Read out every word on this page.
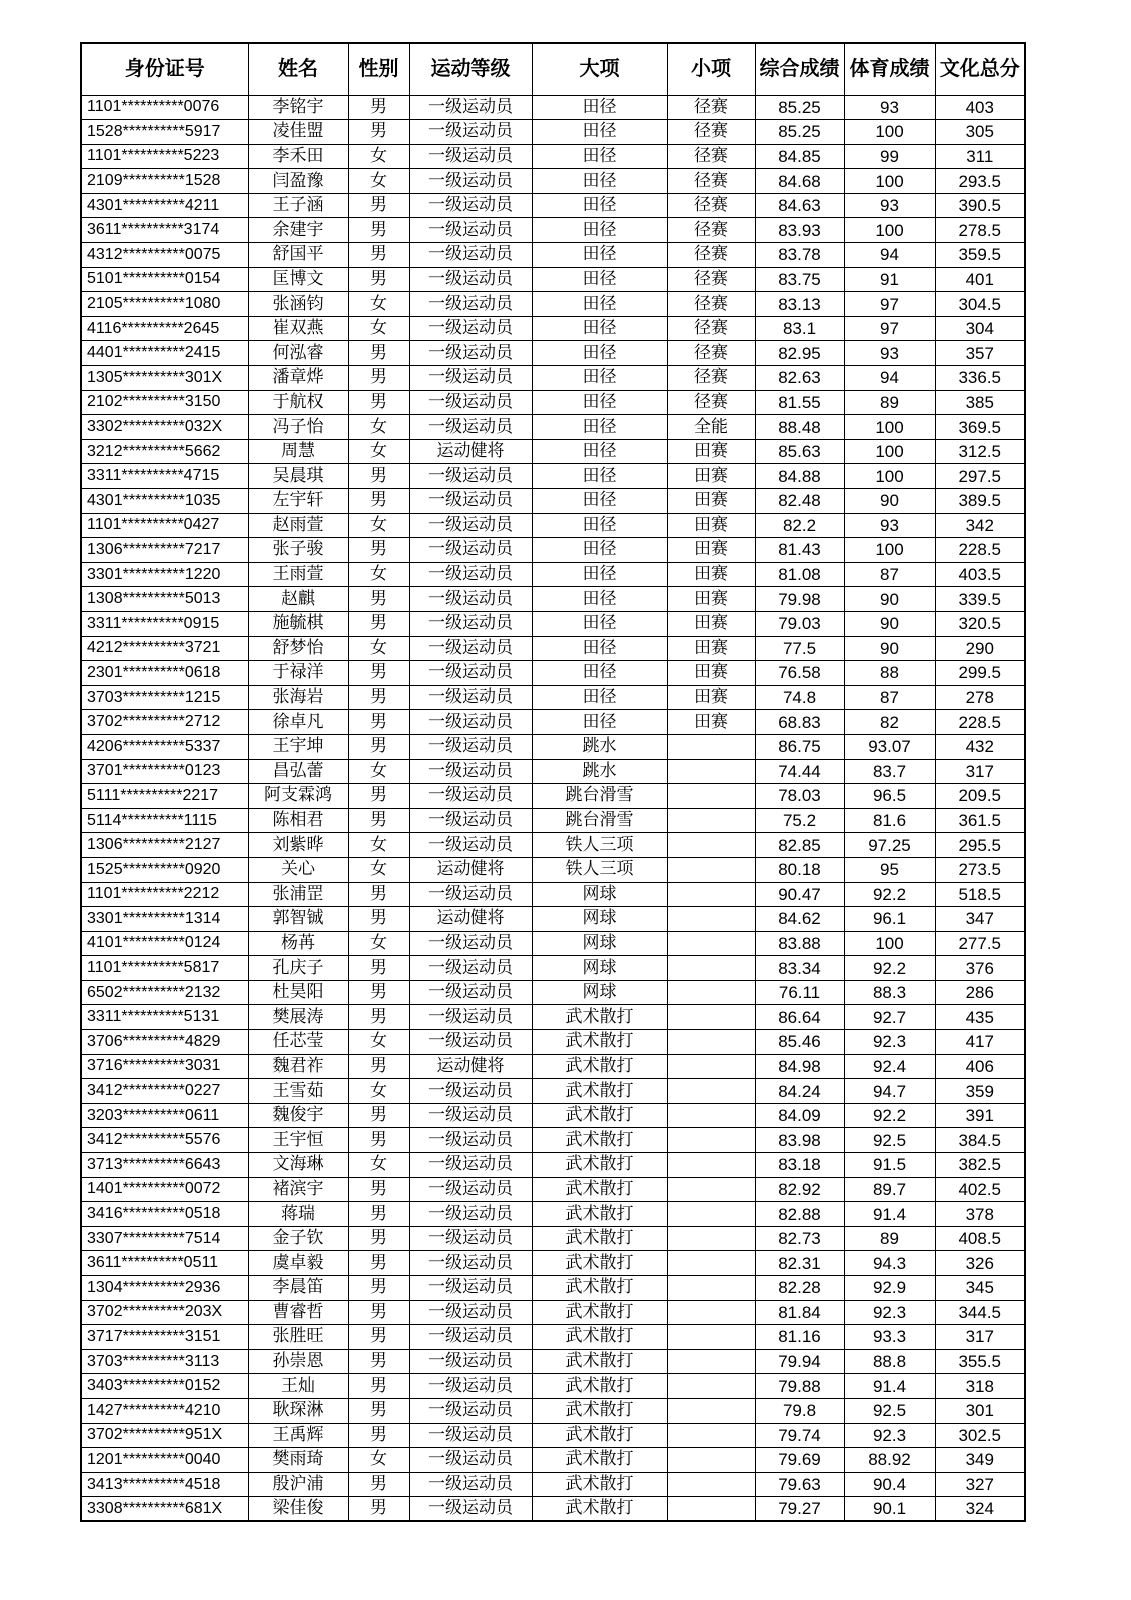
身份证号	姓名	性别	运动等级	大项	小项	综合成绩	体育成绩	文化总分
1101**********0076	李铭宇	男	一级运动员	田径	径赛	85.25	93	403
1528**********5917	凌佳盟	男	一级运动员	田径	径赛	85.25	100	305
1101**********5223	李禾田	女	一级运动员	田径	径赛	84.85	99	311
2109**********1528	闫盈豫	女	一级运动员	田径	径赛	84.68	100	293.5
4301**********4211	王子涵	男	一级运动员	田径	径赛	84.63	93	390.5
3611**********3174	余建宇	男	一级运动员	田径	径赛	83.93	100	278.5
4312**********0075	舒国平	男	一级运动员	田径	径赛	83.78	94	359.5
5101**********0154	匡博文	男	一级运动员	田径	径赛	83.75	91	401
2105**********1080	张涵钧	女	一级运动员	田径	径赛	83.13	97	304.5
4116**********2645	崔双燕	女	一级运动员	田径	径赛	83.1	97	304
4401**********2415	何泓睿	男	一级运动员	田径	径赛	82.95	93	357
1305**********301X	潘章烨	男	一级运动员	田径	径赛	82.63	94	336.5
2102**********3150	于航权	男	一级运动员	田径	径赛	81.55	89	385
3302**********032X	冯子怡	女	一级运动员	田径	全能	88.48	100	369.5
3212**********5662	周慧	女	运动健将	田径	田赛	85.63	100	312.5
3311**********4715	吴晨琪	男	一级运动员	田径	田赛	84.88	100	297.5
4301**********1035	左宇轩	男	一级运动员	田径	田赛	82.48	90	389.5
1101**********0427	赵雨萱	女	一级运动员	田径	田赛	82.2	93	342
1306**********7217	张子骏	男	一级运动员	田径	田赛	81.43	100	228.5
3301**********1220	王雨萱	女	一级运动员	田径	田赛	81.08	87	403.5
1308**********5013	赵麒	男	一级运动员	田径	田赛	79.98	90	339.5
3311**********0915	施毓棋	男	一级运动员	田径	田赛	79.03	90	320.5
4212**********3721	舒梦怡	女	一级运动员	田径	田赛	77.5	90	290
2301**********0618	于禄洋	男	一级运动员	田径	田赛	76.58	88	299.5
3703**********1215	张海岩	男	一级运动员	田径	田赛	74.8	87	278
3702**********2712	徐卓凡	男	一级运动员	田径	田赛	68.83	82	228.5
4206**********5337	王宇坤	男	一级运动员	跳水		86.75	93.07	432
3701**********0123	昌弘蕾	女	一级运动员	跳水		74.44	83.7	317
5111**********2217	阿支霖鸿	男	一级运动员	跳台滑雪		78.03	96.5	209.5
5114**********1115	陈相君	男	一级运动员	跳台滑雪		75.2	81.6	361.5
1306**********2127	刘紫晔	女	一级运动员	铁人三项		82.85	97.25	295.5
1525**********0920	关心	女	运动健将	铁人三项		80.18	95	273.5
1101**********2212	张浦罡	男	一级运动员	网球		90.47	92.2	518.5
3301**********1314	郭智铖	男	运动健将	网球		84.62	96.1	347
4101**********0124	杨苒	女	一级运动员	网球		83.88	100	277.5
1101**********5817	孔庆子	男	一级运动员	网球		83.34	92.2	376
6502**********2132	杜昊阳	男	一级运动员	网球		76.11	88.3	286
3311**********5131	樊展涛	男	一级运动员	武术散打		86.64	92.7	435
3706**********4829	任芯莹	女	一级运动员	武术散打		85.46	92.3	417
3716**********3031	魏君祚	男	运动健将	武术散打		84.98	92.4	406
3412**********0227	王雪茹	女	一级运动员	武术散打		84.24	94.7	359
3203**********0611	魏俊宇	男	一级运动员	武术散打		84.09	92.2	391
3412**********5576	王宇恒	男	一级运动员	武术散打		83.98	92.5	384.5
3713**********6643	文海琳	女	一级运动员	武术散打		83.18	91.5	382.5
1401**********0072	褚滨宇	男	一级运动员	武术散打		82.92	89.7	402.5
3416**********0518	蒋瑞	男	一级运动员	武术散打		82.88	91.4	378
3307**********7514	金子钦	男	一级运动员	武术散打		82.73	89	408.5
3611**********0511	虞卓毅	男	一级运动员	武术散打		82.31	94.3	326
1304**********2936	李晨笛	男	一级运动员	武术散打		82.28	92.9	345
3702**********203X	曹睿哲	男	一级运动员	武术散打		81.84	92.3	344.5
3717**********3151	张胜旺	男	一级运动员	武术散打		81.16	93.3	317
3703**********3113	孙崇恩	男	一级运动员	武术散打		79.94	88.8	355.5
3403**********0152	王灿	男	一级运动员	武术散打		79.88	91.4	318
1427**********4210	耿琛淋	男	一级运动员	武术散打		79.8	92.5	301
3702**********951X	王禹辉	男	一级运动员	武术散打		79.74	92.3	302.5
1201**********0040	樊雨琦	女	一级运动员	武术散打		79.69	88.92	349
3413**********4518	殷沪浦	男	一级运动员	武术散打		79.63	90.4	327
3308**********681X	梁佳俊	男	一级运动员	武术散打		79.27	90.1	324
